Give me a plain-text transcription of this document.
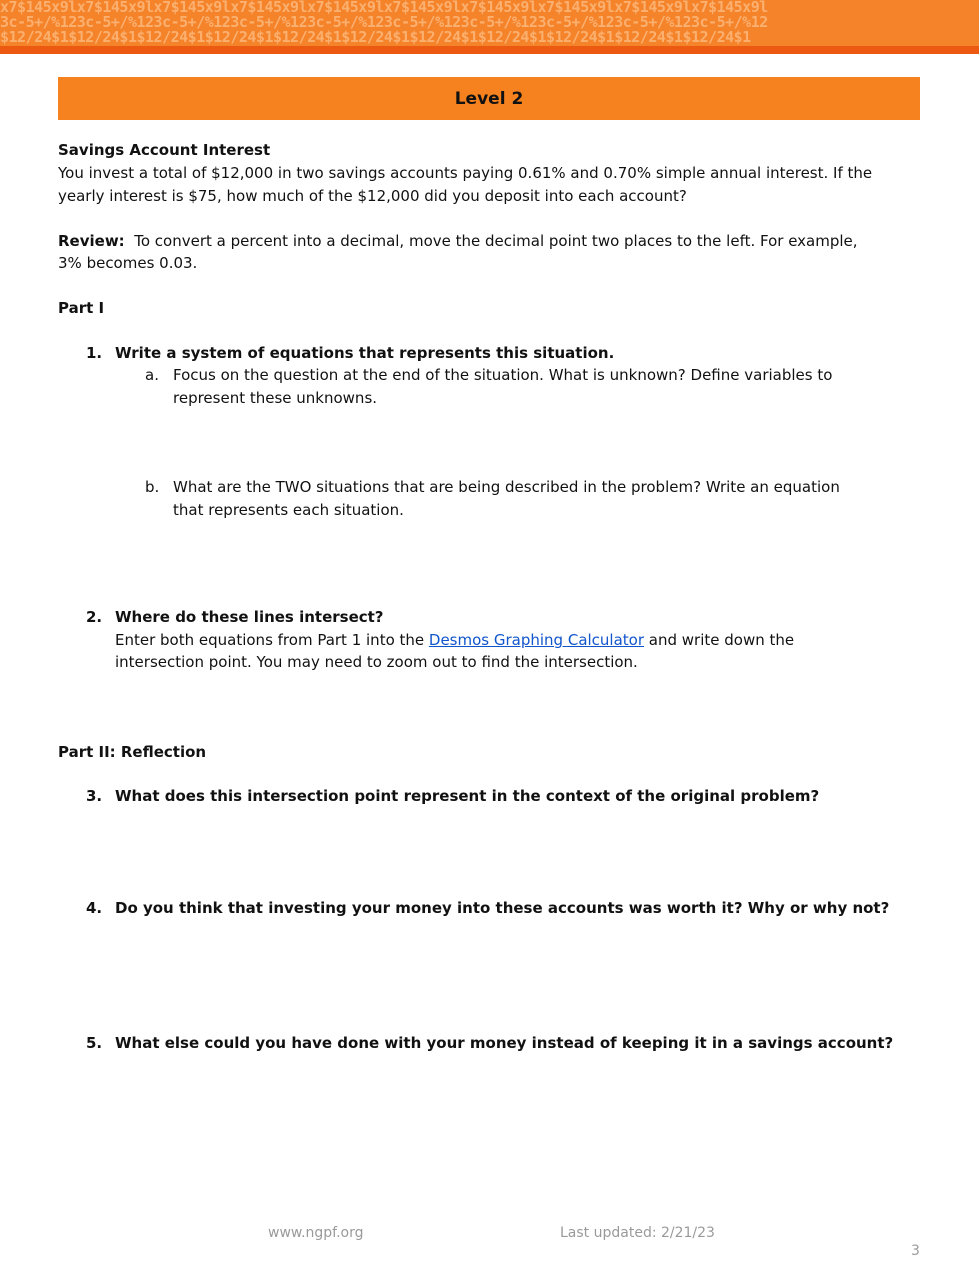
x7$145x9lx7$145x9lx7$145x9lx7$145x9lx7$145x9lx7$145x9lx7$145x9lx7$145x9lx7$145x9lx7$145x9l
3c-5+/%123c-5+/%123c-5+/%123c-5+/%123c-5+/%123c-5+/%123c-5+/%123c-5+/%123c-5+/%123c-5+/%12
$12/24$1$12/24$1$12/24$1$12/24$1$12/24$1$12/24$1$12/24$1$12/24$1$12/24$1$12/24$1$12/24$1
Level 2

Savings Account Interest

You invest a total of $12,000 in two savings accounts paying 0.61% and 0.70% simple annual interest. If the

yearly interest is $75, how much of the $12,000 did you deposit into each account?

Review: To convert a percent into a decimal, move the decimal point two places to the left. For example,

3% becomes 0.03.

Part I

1. Write a system of equations that represents this situation.

a. Focus on the question at the end of the situation. What is unknown? Define variables to

represent these unknowns.

b. What are the TWO situations that are being described in the problem? Write an equation

that represents each situation.

2. Where do these lines intersect?

Enter both equations from Part 1 into the Desmos Graphing Calculator and write down the

intersection point. You may need to zoom out to find the intersection.

Part II: Reflection

3. What does this intersection point represent in the context of the original problem?

4. Do you think that investing your money into these accounts was worth it? Why or why not?

5. What else could you have done with your money instead of keeping it in a savings account?

www.ngpf.org	Last updated: 2/21/23
3
